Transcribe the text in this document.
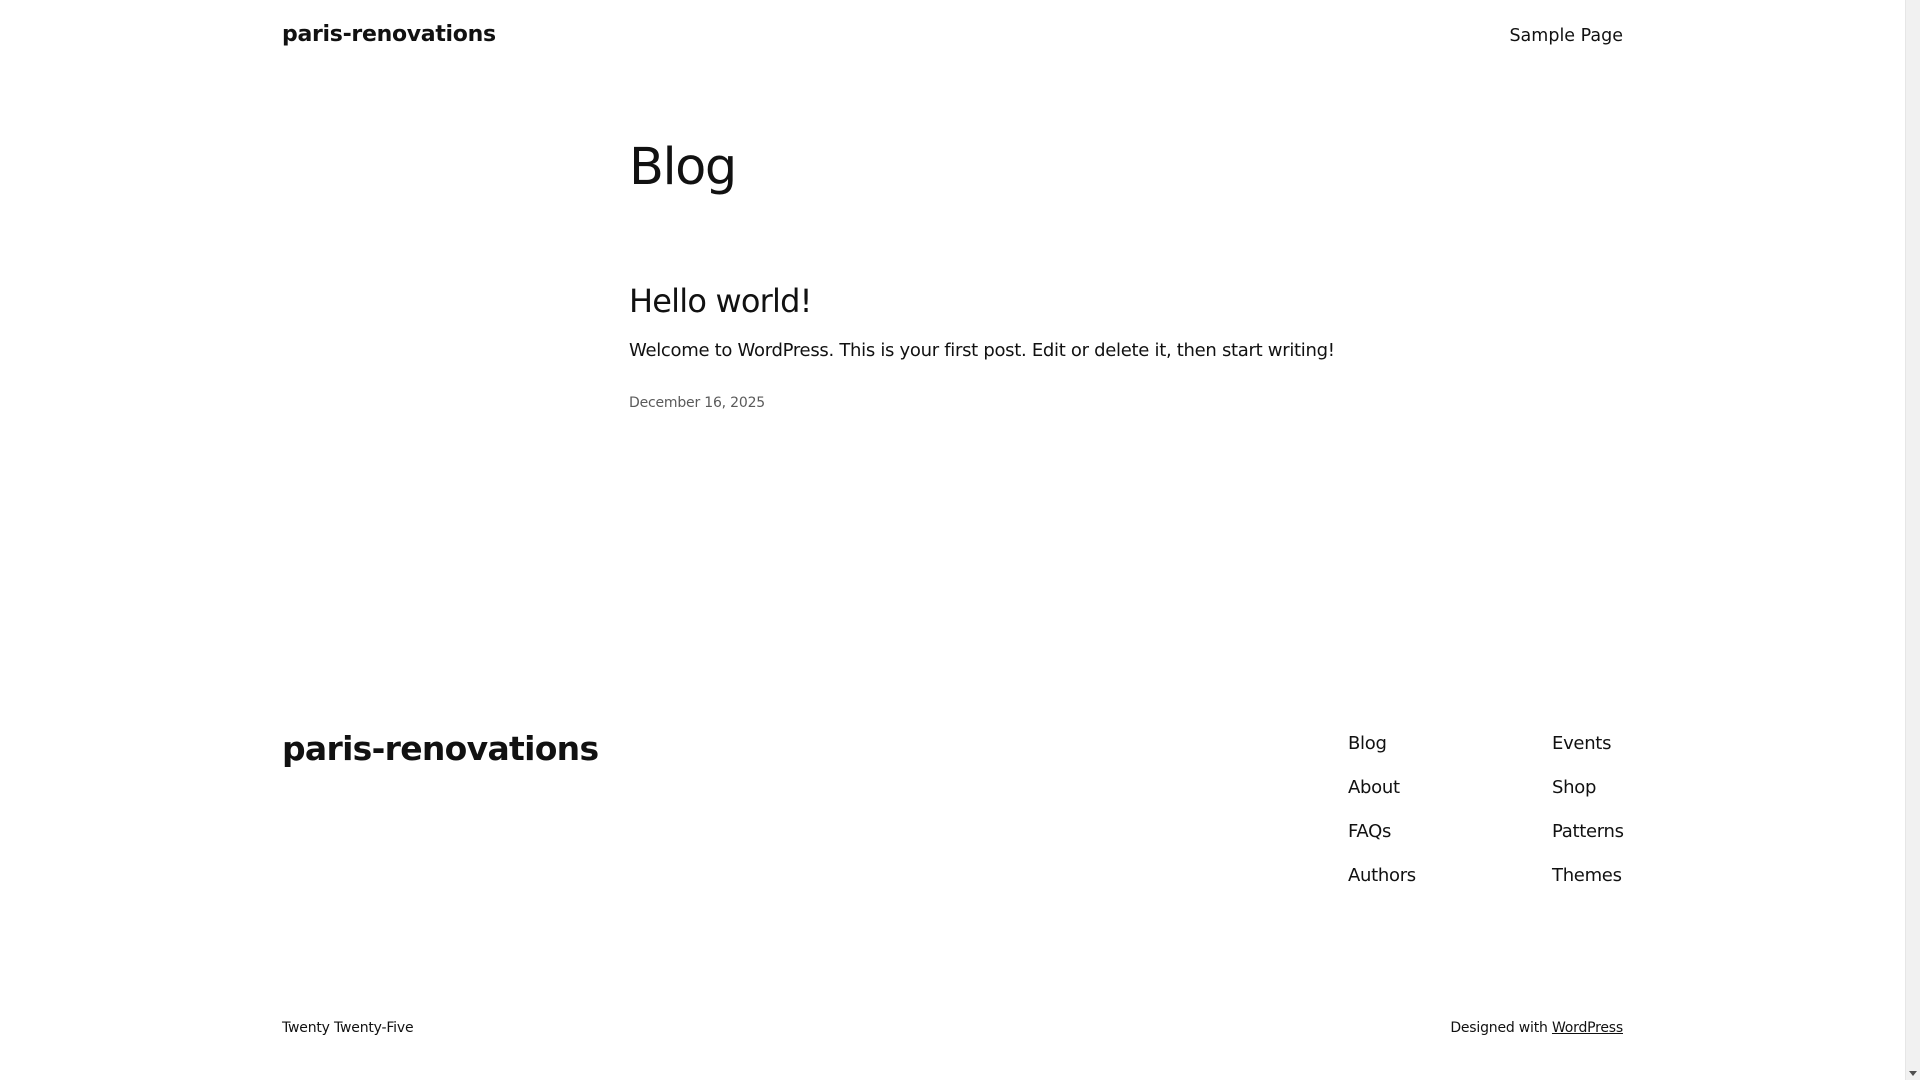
paris-renovations	Sample Page
Blog
Hello world!

Welcome to WordPress. This is your first post. Edit or delete it, then start writing!

December 16, 2025
paris-renovations	Blog
About
FAQs
Authors
Events
Shop
Patterns
Themes
Twenty Twenty-Five	Designed with WordPress
